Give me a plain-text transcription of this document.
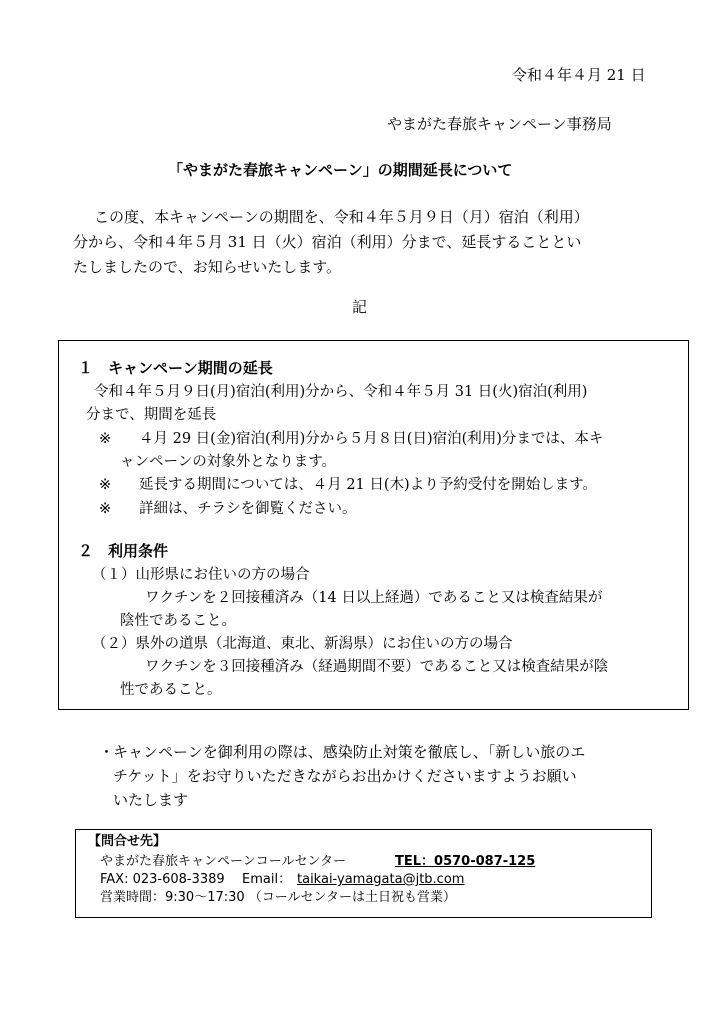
令和４年４月 21 日
やまがた春旅キャンペーン事務局
「やまがた春旅キャンペーン」の期間延長について
この度、本キャンペーンの期間を、令和４年５月９日（月）宿泊（利用）
分から、令和４年５月 31 日（火）宿泊（利用）分まで、延長することとい
たしましたので、お知らせいたします。
記
１　キャンペーン期間の延長
令和４年５月９日(月)宿泊(利用)分から、令和４年５月 31 日(火)宿泊(利用)
分まで、期間を延長
※ ４月 29 日(金)宿泊(利用)分から５月８日(日)宿泊(利用)分までは、本キ
ャンペーンの対象外となります。
※ 延長する期間については、４月 21 日(木)より予約受付を開始します。
※ 詳細は、チラシを御覧ください。
２　利用条件
（１）山形県にお住いの方の場合
ワクチンを２回接種済み（14 日以上経過）であること又は検査結果が
陰性であること。
（２）県外の道県（北海道、東北、新潟県）にお住いの方の場合
ワクチンを３回接種済み（経過期間不要）であること又は検査結果が陰
性であること。
・
キャンペーンを御利用の際は、感染防止対策を徹底し、「新しい旅のエ
チケット」をお守りいただきながらお出かけくださいますようお願い
いたします
【問合せ先】
やまがた春旅キャンペーンコールセンター	TEL：0570-087-125
FAX: 023-608-3389 Email： taikai-yamagata@jtb.com
営業時間：9:30～17:30 （コールセンターは土日祝も営業）
